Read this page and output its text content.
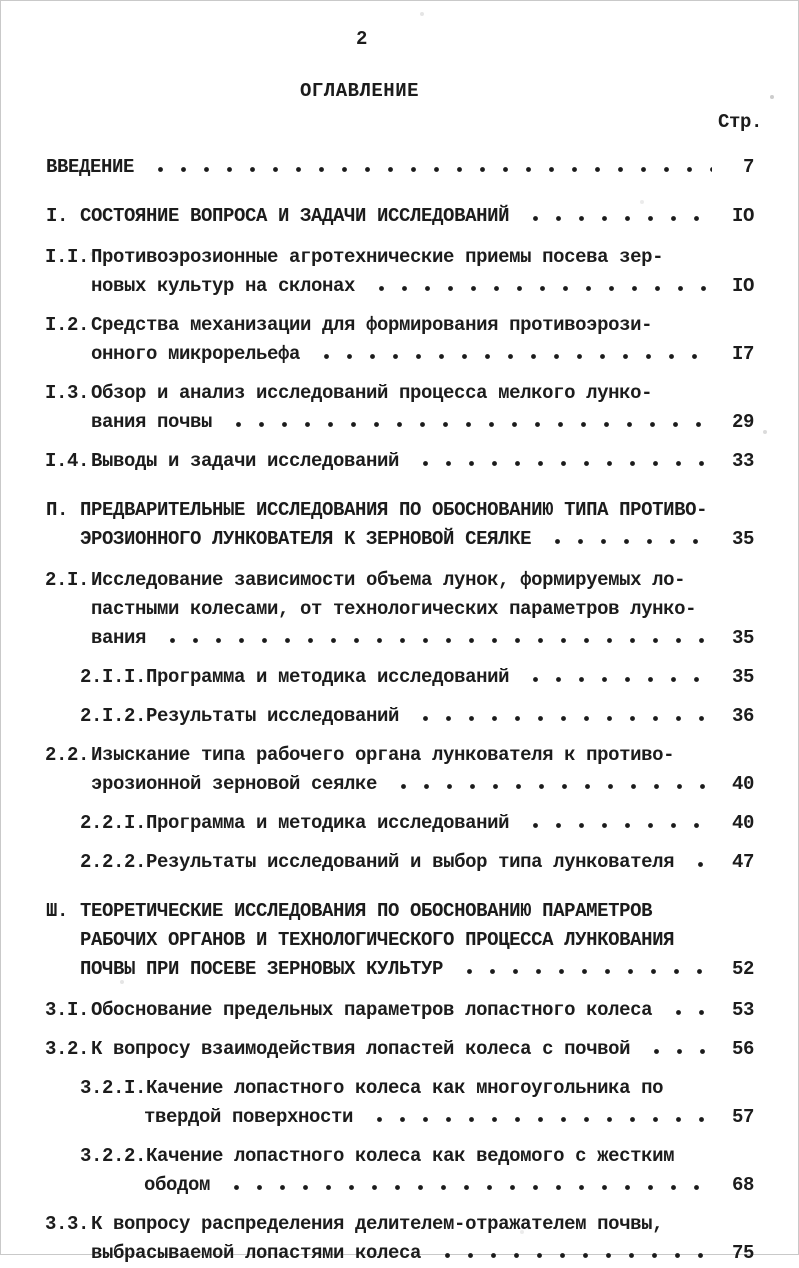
2
ОГЛАВЛЕНИЕ
Стр.
ВВЕДЕНИЕ	7
I. СОСТОЯНИЕ ВОПРОСА И ЗАДАЧИ ИССЛЕДОВАНИЙ	IO
I.I. Противоэрозионные агротехнические приемы посева зер-
новых культур на склонах	IO
I.2. Средства механизации для формирования противоэрози-
онного микрорельефа	I7
I.3. Обзор и анализ исследований процесса мелкого лунко-
вания почвы	29
I.4. Выводы и задачи исследований	33
П. ПРЕДВАРИТЕЛЬНЫЕ ИССЛЕДОВАНИЯ ПО ОБОСНОВАНИЮ ТИПА ПРОТИВО-
ЭРОЗИОННОГО ЛУНКОВАТЕЛЯ К ЗЕРНОВОЙ СЕЯЛКЕ	35
2.I. Исследование зависимости объема лунок, формируемых ло-
пастными колесами, от технологических параметров лунко-
вания	35
2.I.I. Программа и методика исследований	35
2.I.2. Результаты исследований	36
2.2. Изыскание типа рабочего органа лункователя к противо-
эрозионной зерновой сеялке	40
2.2.I. Программа и методика исследований	40
2.2.2. Результаты исследований и выбор типа лункователя	47
Ш. ТЕОРЕТИЧЕСКИЕ ИССЛЕДОВАНИЯ ПО ОБОСНОВАНИЮ ПАРАМЕТРОВ
РАБОЧИХ ОРГАНОВ И ТЕХНОЛОГИЧЕСКОГО ПРОЦЕССА ЛУНКОВАНИЯ
ПОЧВЫ ПРИ ПОСЕВЕ ЗЕРНОВЫХ КУЛЬТУР	52
3.I. Обоснование предельных параметров лопастного колеса	53
3.2. К вопросу взаимодействия лопастей колеса с почвой	56
3.2.I. Качение лопастного колеса как многоугольника по
твердой поверхности	57
3.2.2. Качение лопастного колеса как ведомого с жестким
ободом	68
3.3. К вопросу распределения делителем-отражателем почвы,
выбрасываемой лопастями колеса	75
